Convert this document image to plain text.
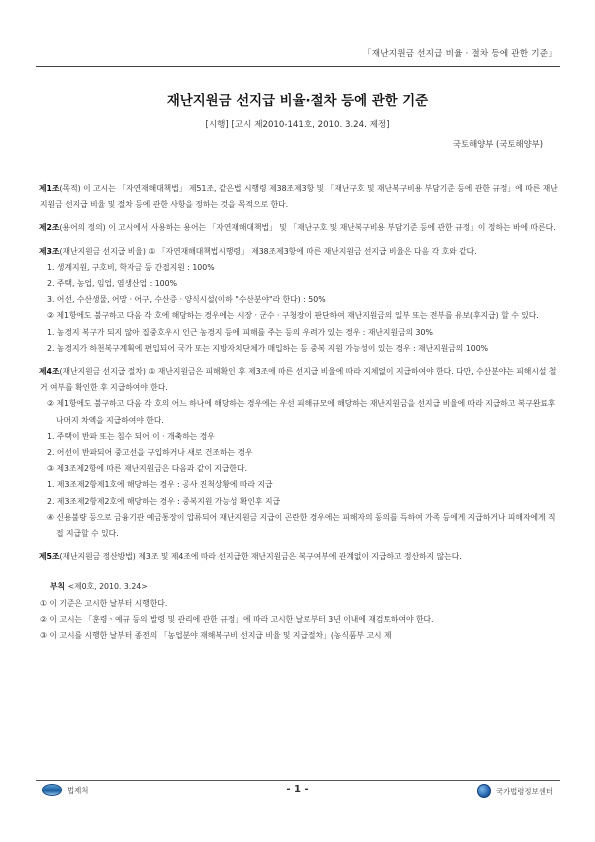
「재난지원금 선지급 비율 · 절차 등에 관한 기준」
재난지원금 선지급 비율·절차 등에 관한 기준
[시행] [고시 제2010-141호, 2010. 3.24. 제정]
국토해양부 (국토해양부)
제1조(목적) 이 고시는 「자연재해대책법」 제51조, 같은법 시행령 제38조제3항 및 「재난구호 및 재난복구비용 부담기준 등에 관한 규정」에 따른 재난지원금 선지급 비율 및 절차 등에 관한 사항을 정하는 것을 목적으로 한다.
제2조(용어의 정의) 이 고시에서 사용하는 용어는 「자연재해대책법」 및 「재난구호 및 재난복구비용 부담기준 등에 관한 규정」이 정하는 바에 따른다.
제3조(재난지원금 선지급 비율) ① 「자연재해대책법시행령」 제38조제3항에 따른 재난지원금 선지급 비율은 다음 각 호와 같다.
1. 생계지원, 구호비, 학자금 등 간접지원 : 100%
2. 주택, 농업, 임업, 염생산업 : 100%
3. 어선, 수산생물, 어망 · 어구, 수산증 · 양식시설(이하 "수산분야"라 한다) : 50%
② 제1항에도 불구하고 다음 각 호에 해당하는 경우에는 시장 · 군수 · 구청장이 판단하여 재난지원금의 일부 또는 전부를 유보(후지급) 할 수 있다.
1. 농경지 복구가 되지 않아 집중호우시 인근 농경지 등에 피해를 주는 등의 우려가 있는 경우 : 재난지원금의 30%
2. 농경지가 하천복구계획에 편입되어 국가 또는 지방자치단체가 매입하는 등 중복 지원 가능성이 있는 경우 : 재난지원금의 100%
제4조(재난지원금 선지급 절차) ① 재난지원금은 피해확인 후 제3조에 따른 선지급 비율에 따라 지체없이 지급하여야 한다. 다만, 수산분야는 피해시설 철거 여부를 확인한 후 지급하여야 한다.
② 제1항에도 불구하고 다음 각 호의 어느 하나에 해당하는 경우에는 우선 피해규모에 해당하는 재난지원금을 선지급 비율에 따라 지급하고 복구완료후 나머지 차액을 지급하여야 한다.
1. 주택이 반파 또는 침수 되어 이 · 개축하는 경우
2. 어선이 반파되어 중고선을 구입하거나 새로 건조하는 경우
③ 제3조제2항에 따른 재난지원금은 다음과 같이 지급한다.
1. 제3조제2항제1호에 해당하는 경우 : 공사 진척상황에 따라 지급
2. 제3조제2항제2호에 해당하는 경우 : 중복지원 가능성 확인후 지급
④ 신용불량 등으로 금융기관 예금통장이 압류되어 재난지원금 지급이 곤란한 경우에는 피해자의 동의를 득하여 가족 등에게 지급하거나 피해자에게 직접 지급할 수 있다.
제5조(재난지원금 정산방법) 제3조 및 제4조에 따라 선지급한 재난지원금은 복구여부에 관계없이 지급하고 정산하지 않는다.
부칙 <제0호, 2010. 3.24>
① 이 기준은 고시한 날부터 시행한다.
② 이 고시는 「훈령ㆍ예규 등의 발령 및 관리에 관한 규정」에 따라 고시한 날로부터 3년 이내에 재검토하여야 한다.
③ 이 고시를 시행한 날부터 종전의 「농업분야 재해복구비 선지급 비율 및 지급절차」(농식품부 고시 제
법제처	- 1 -	국가법령정보센터
